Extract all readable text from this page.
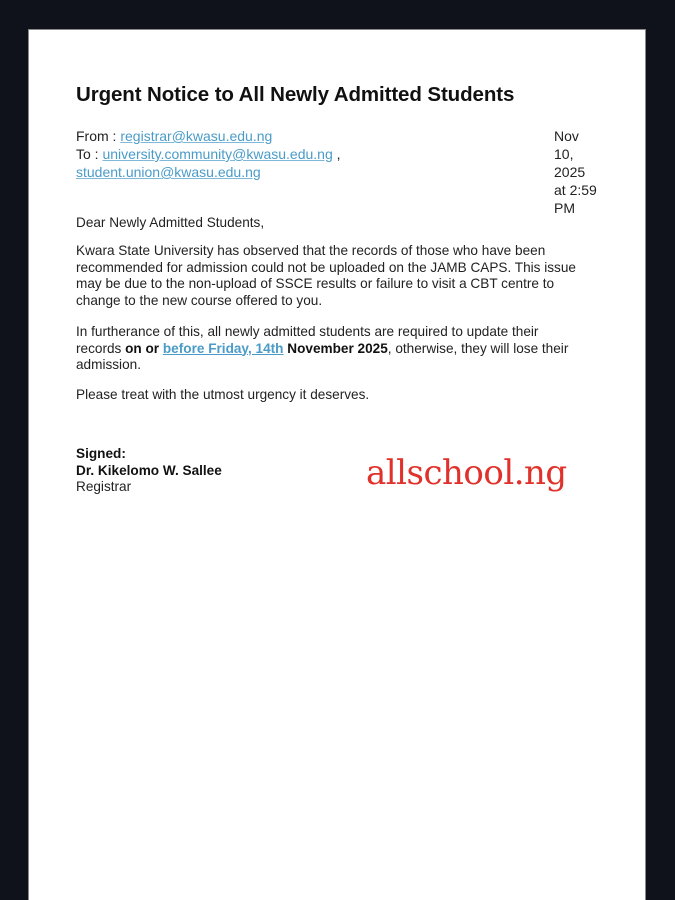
Urgent Notice to All Newly Admitted Students
From : registrar@kwasu.edu.ng
To : university.community@kwasu.edu.ng ,
student.union@kwasu.edu.ng
Nov
10,
2025
at 2:59
PM

Dear Newly Admitted Students,

Kwara State University has observed that the records of those who have been recommended for admission could not be uploaded on the JAMB CAPS. This issue may be due to the non-upload of SSCE results or failure to visit a CBT centre to change to the new course offered to you.

In furtherance of this, all newly admitted students are required to update their records on or before Friday, 14th November 2025, otherwise, they will lose their admission.

Please treat with the utmost urgency it deserves.

Signed:
Dr. Kikelomo W. Sallee
Registrar	allschool.ng
